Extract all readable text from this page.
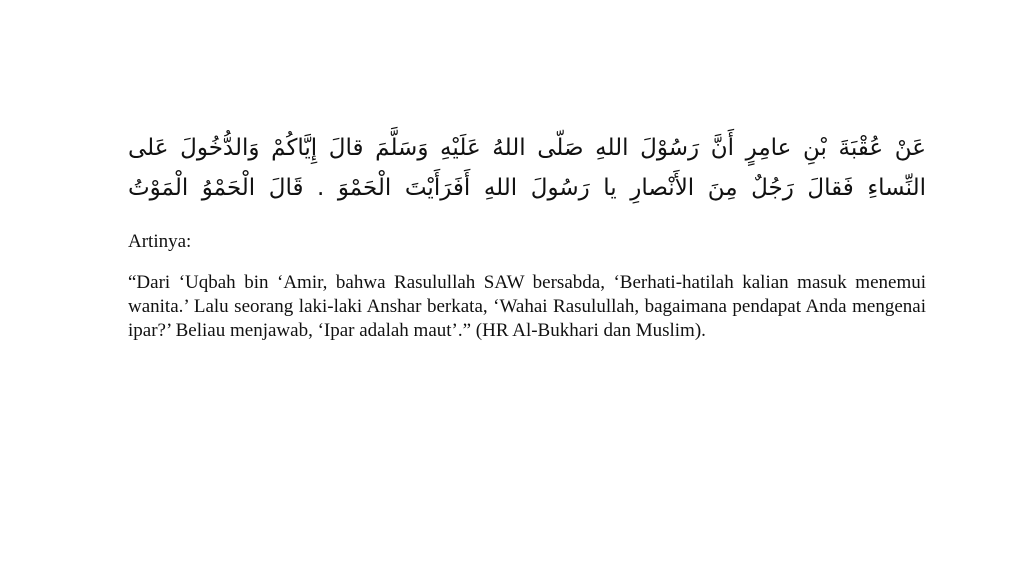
عَنْ عُقْبَةَ بْنِ عامِرٍ أَنَّ رَسُوْلَ اللهِ صَلّى اللهُ عَلَيْهِ وَسَلَّمَ قالَ إِيَّاكُمْ وَالدُّخُولَ عَلى
النِّساءِ فَقالَ رَجُلٌ مِنَ الأَنْصارِ يا رَسُولَ اللهِ أَفَرَأَيْتَ الْحَمْوَ . قَالَ الْحَمْوُ الْمَوْتُ

Artinya:

“Dari ‘Uqbah bin ‘Amir, bahwa Rasulullah SAW bersabda, ‘Berhati-hatilah kalian masuk menemui wanita.’ Lalu seorang laki-laki Anshar berkata, ‘Wahai Rasulullah, bagaimana pendapat Anda mengenai ipar?’ Beliau menjawab, ‘Ipar adalah maut’.” (HR Al-Bukhari dan Muslim).
